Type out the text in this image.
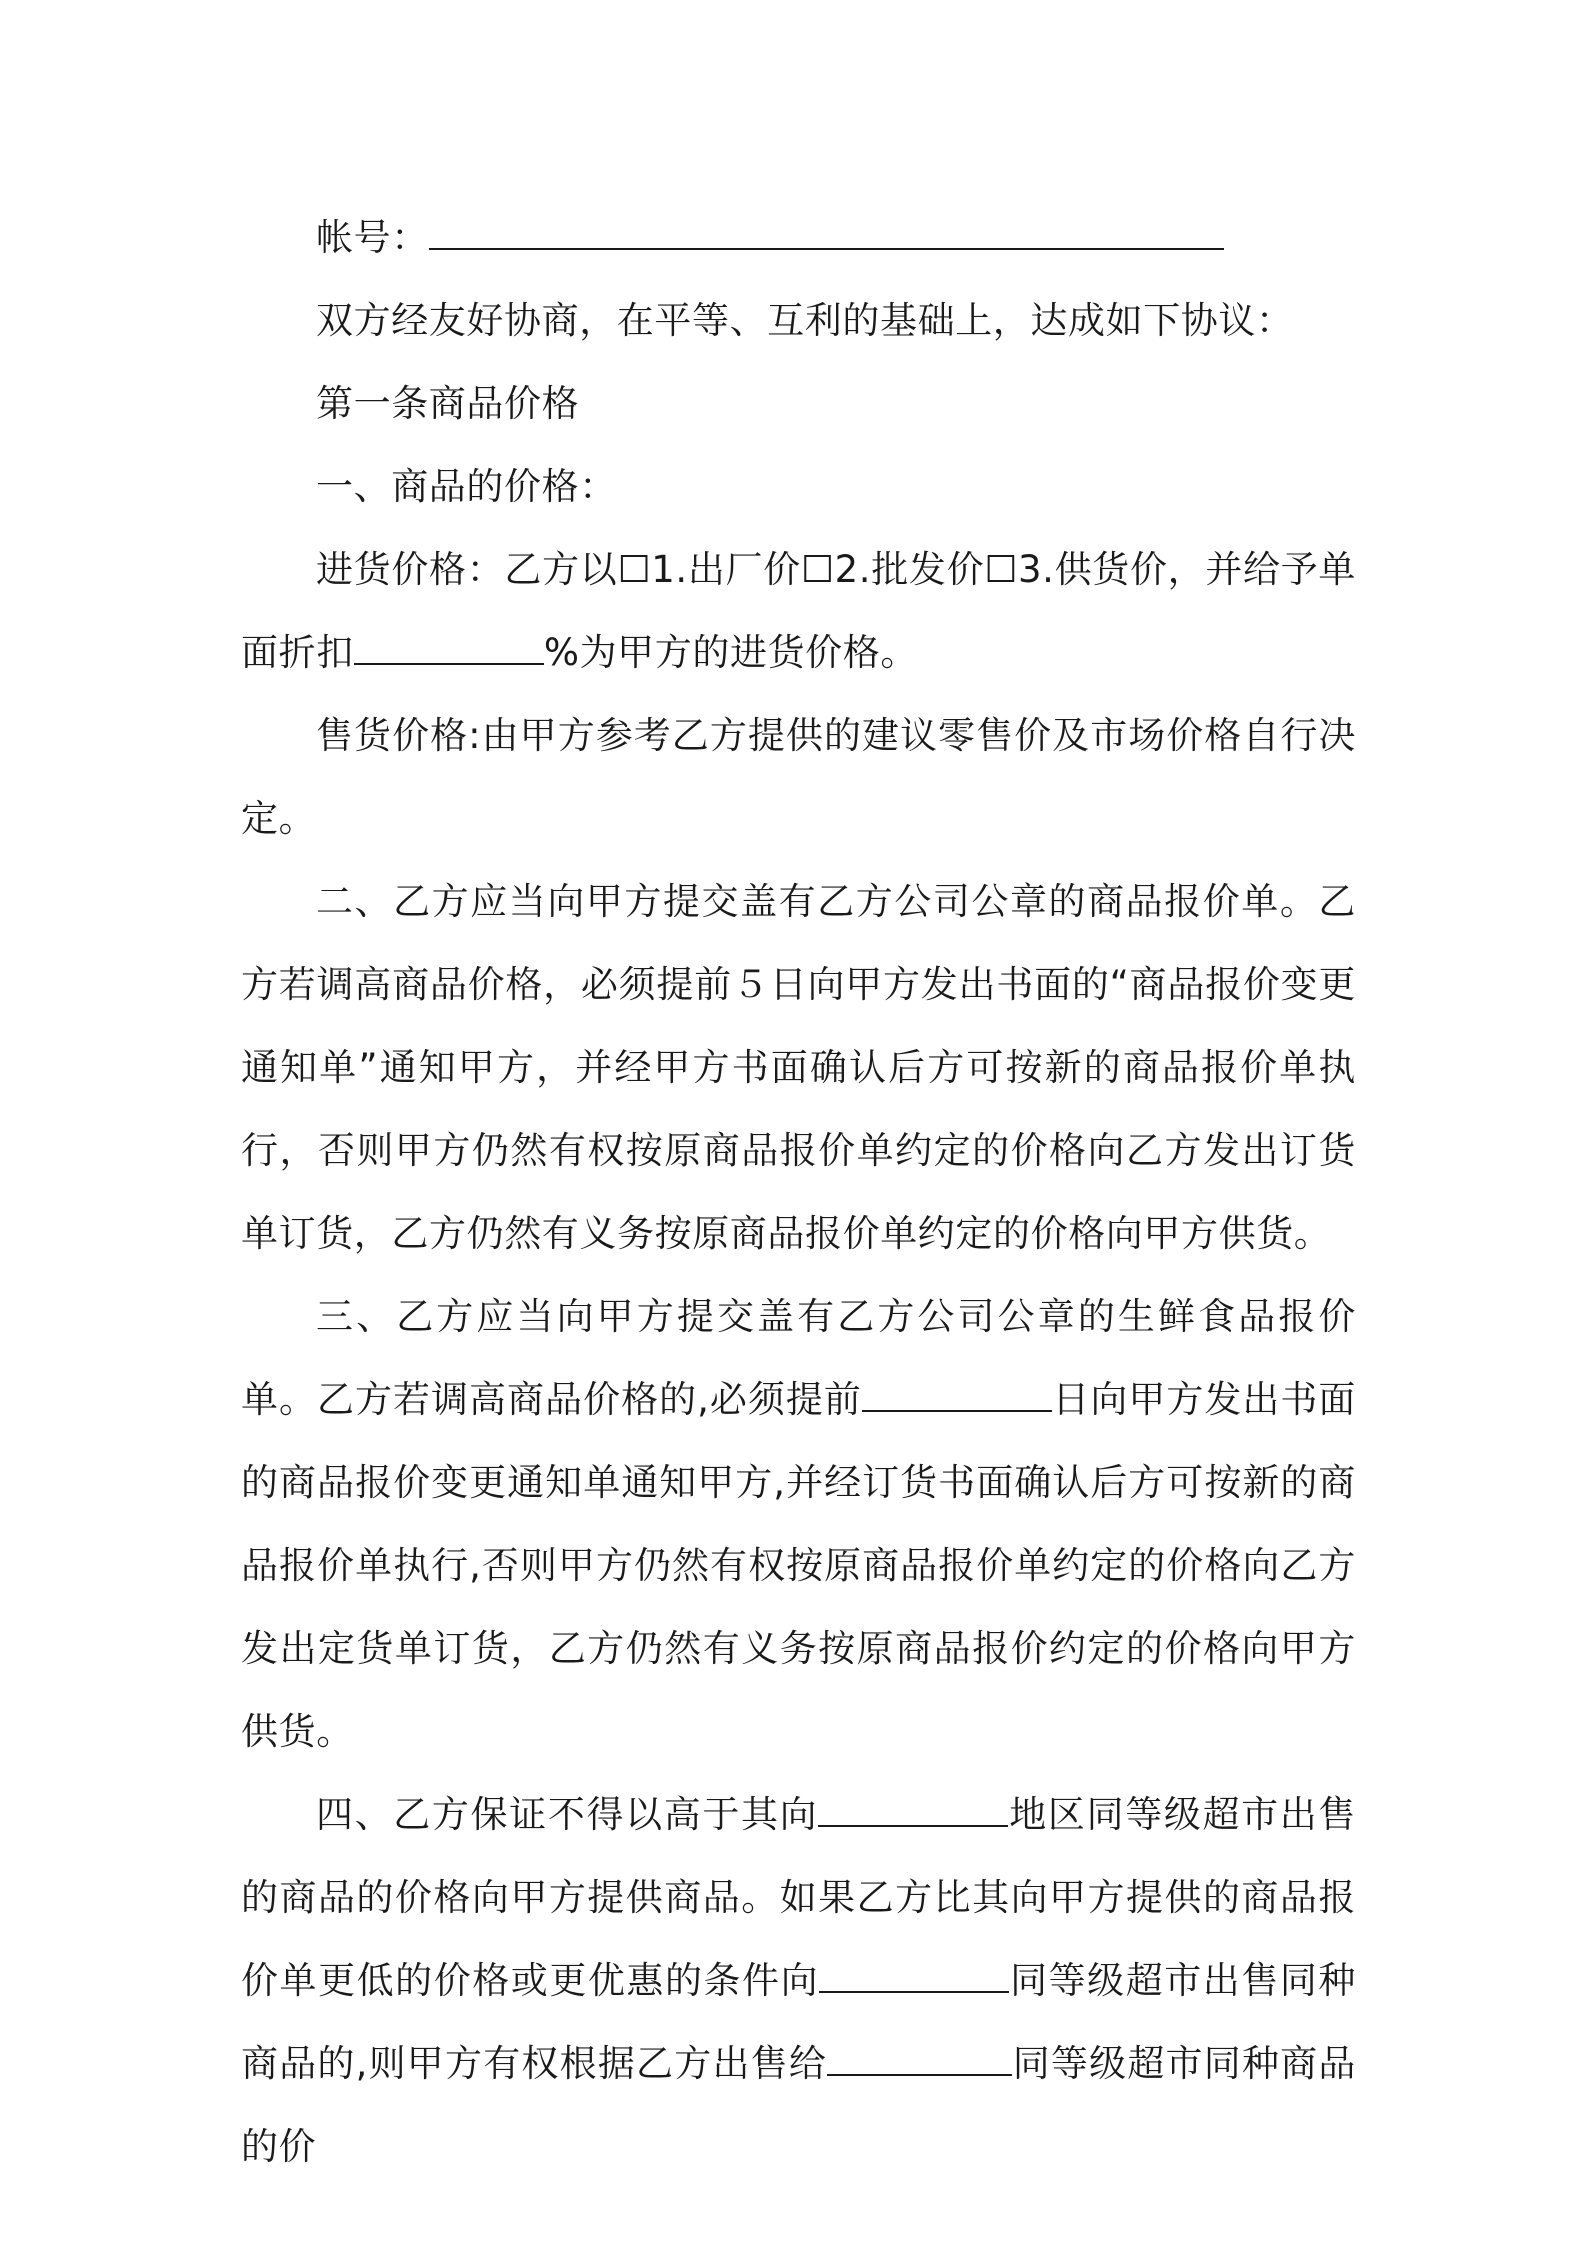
帐号：

双方经友好协商，在平等、互利的基础上，达成如下协议：

第一条商品价格

一、商品的价格：

进货价格：乙方以☐1.出厂价☐2.批发价☐3.供货价，并给予单面折扣	%为甲方的进货价格。

售货价格:由甲方参考乙方提供的建议零售价及市场价格自行决定。

二、乙方应当向甲方提交盖有乙方公司公章的商品报价单。乙方若调高商品价格，必须提前５日向甲方发出书面的“商品报价变更通知单”通知甲方，并经甲方书面确认后方可按新的商品报价单执行，否则甲方仍然有权按原商品报价单约定的价格向乙方发出订货单订货，乙方仍然有义务按原商品报价单约定的价格向甲方供货。

三、乙方应当向甲方提交盖有乙方公司公章的生鲜食品报价单。乙方若调高商品价格的,必须提前	日向甲方发出书面的商品报价变更通知单通知甲方,并经订货书面确认后方可按新的商品报价单执行,否则甲方仍然有权按原商品报价单约定的价格向乙方发出定货单订货，乙方仍然有义务按原商品报价约定的价格向甲方供货。

四、乙方保证不得以高于其向	地区同等级超市出售的商品的价格向甲方提供商品。如果乙方比其向甲方提供的商品报价单更低的价格或更优惠的条件向	同等级超市出售同种商品的,则甲方有权根据乙方出售给	同等级超市同种商品的价
